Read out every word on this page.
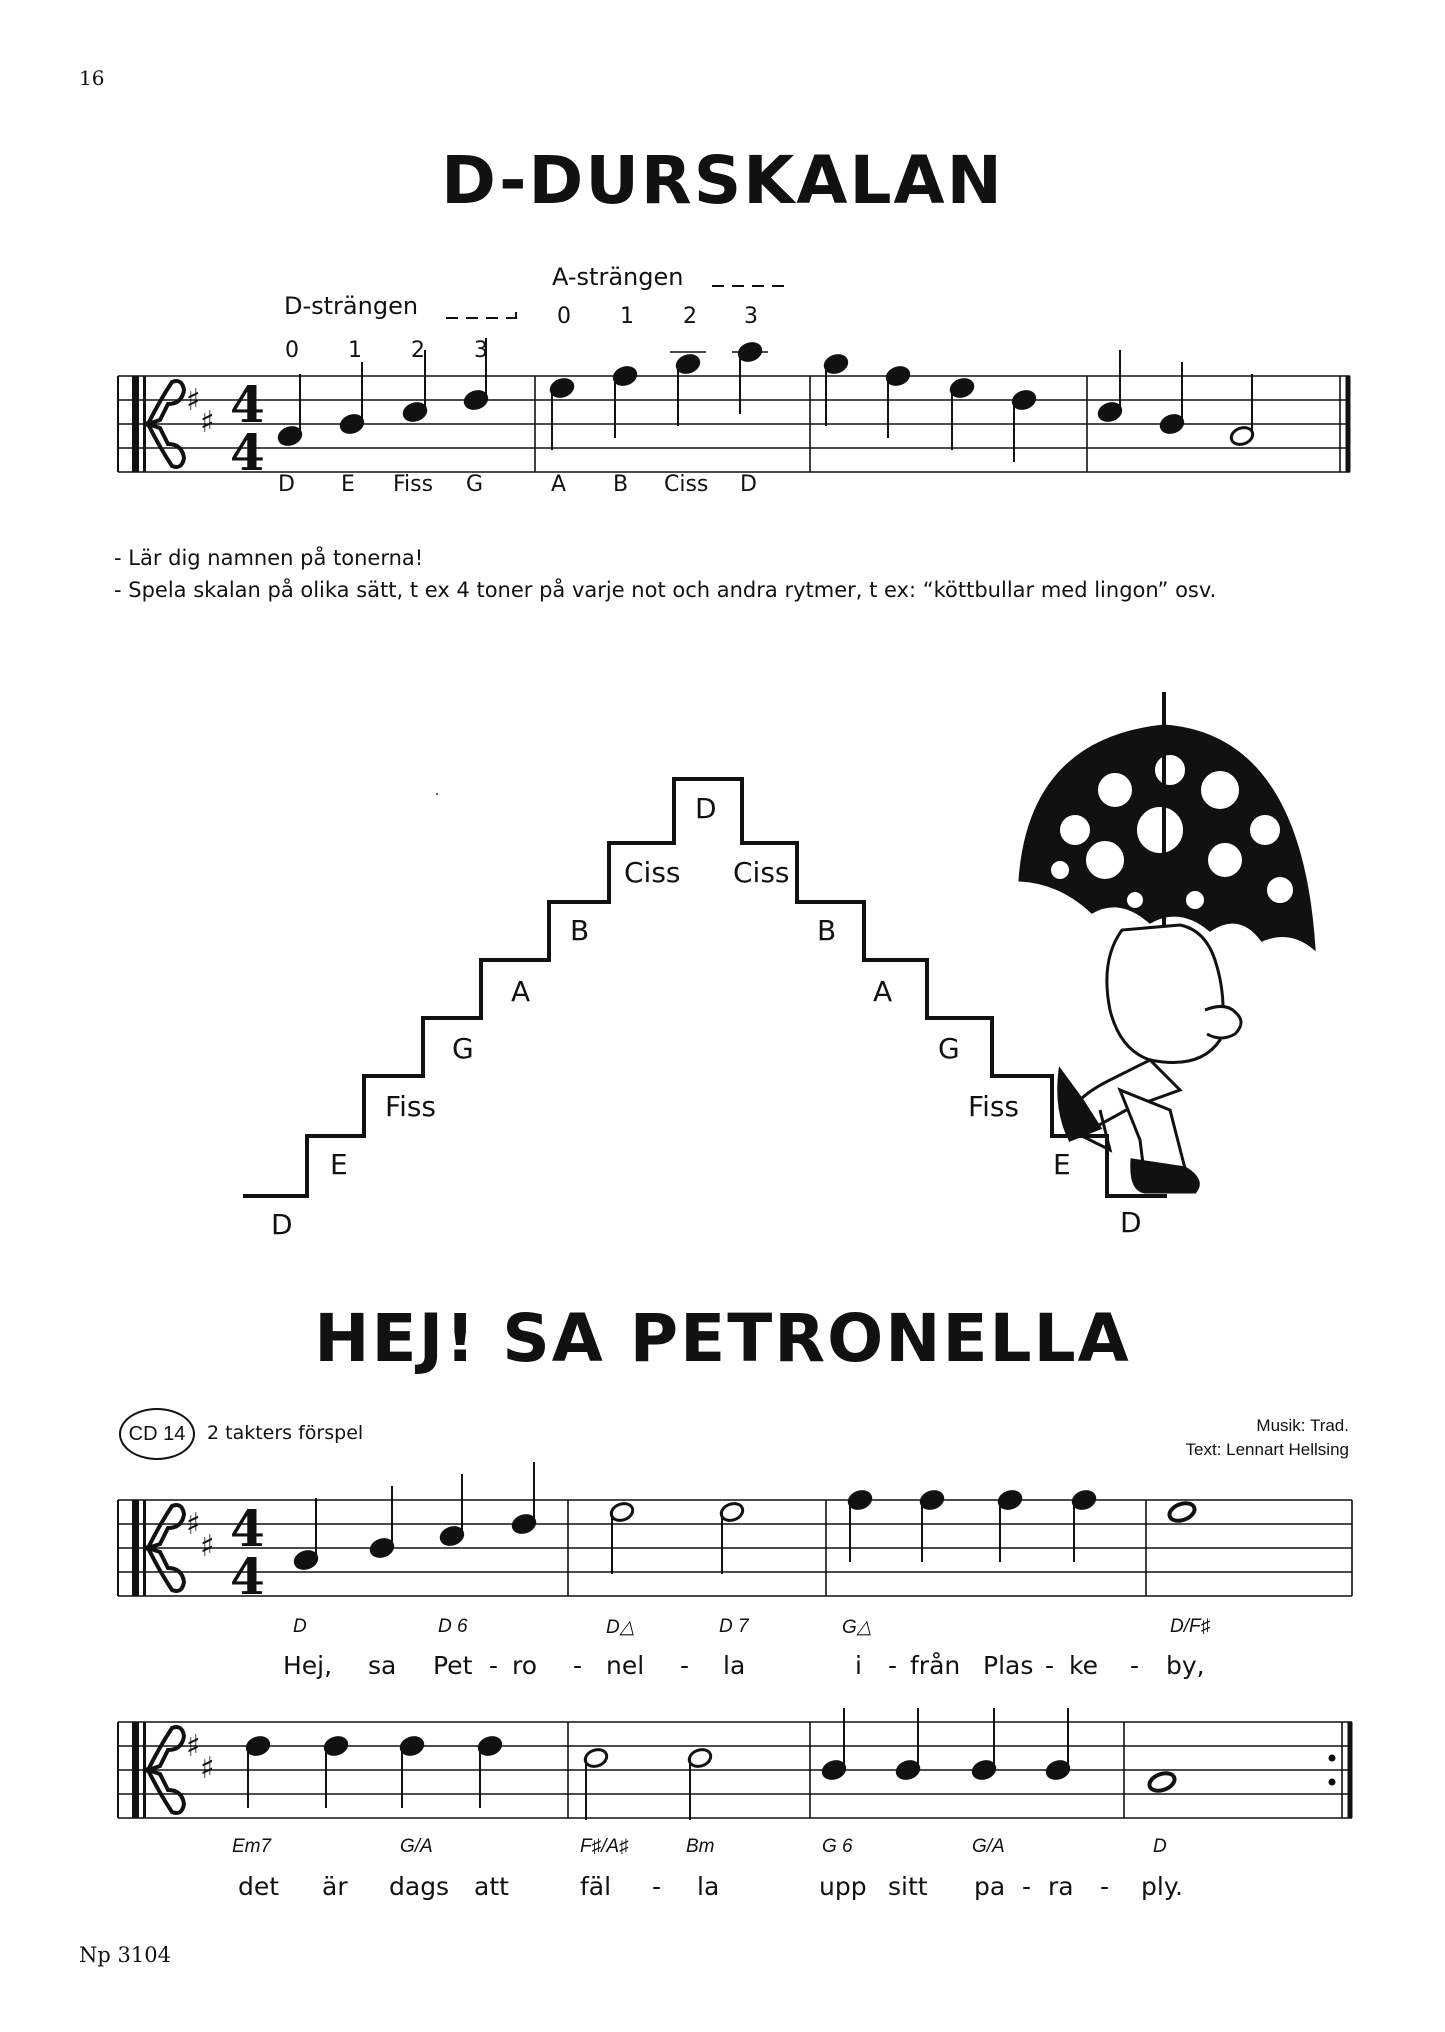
16
Np 3104
D-DURSKALAN
D-strängen
A-strängen
0 1 2 3
0 1 2 3
D E Fiss G	A B Ciss D
- Lär dig namnen på tonerna!
- Spela skalan på olika sätt, t ex 4 toner på varje not och andra rytmer, t ex: “köttbullar med lingon” osv.
D
E
Fiss
G
A
B
Ciss
D
Ciss
B
A
G
Fiss
E
D
HEJ! SA PETRONELLA
CD 14 2 takters förspel	Musik: Trad.
Text: Lennart Hellsing
D	D 6	D△	D 7	G△	D/F♯
Hej, sa Pet - ro - nel - la	i - från Plas - ke - by,
Em7	G/A	F♯/A♯	Bm	G 6	G/A	D
det är dags att	fäl - la	upp sitt pa - ra - ply.
♯
♯ 4
4
♯
♯ 4
4
♯
♯
